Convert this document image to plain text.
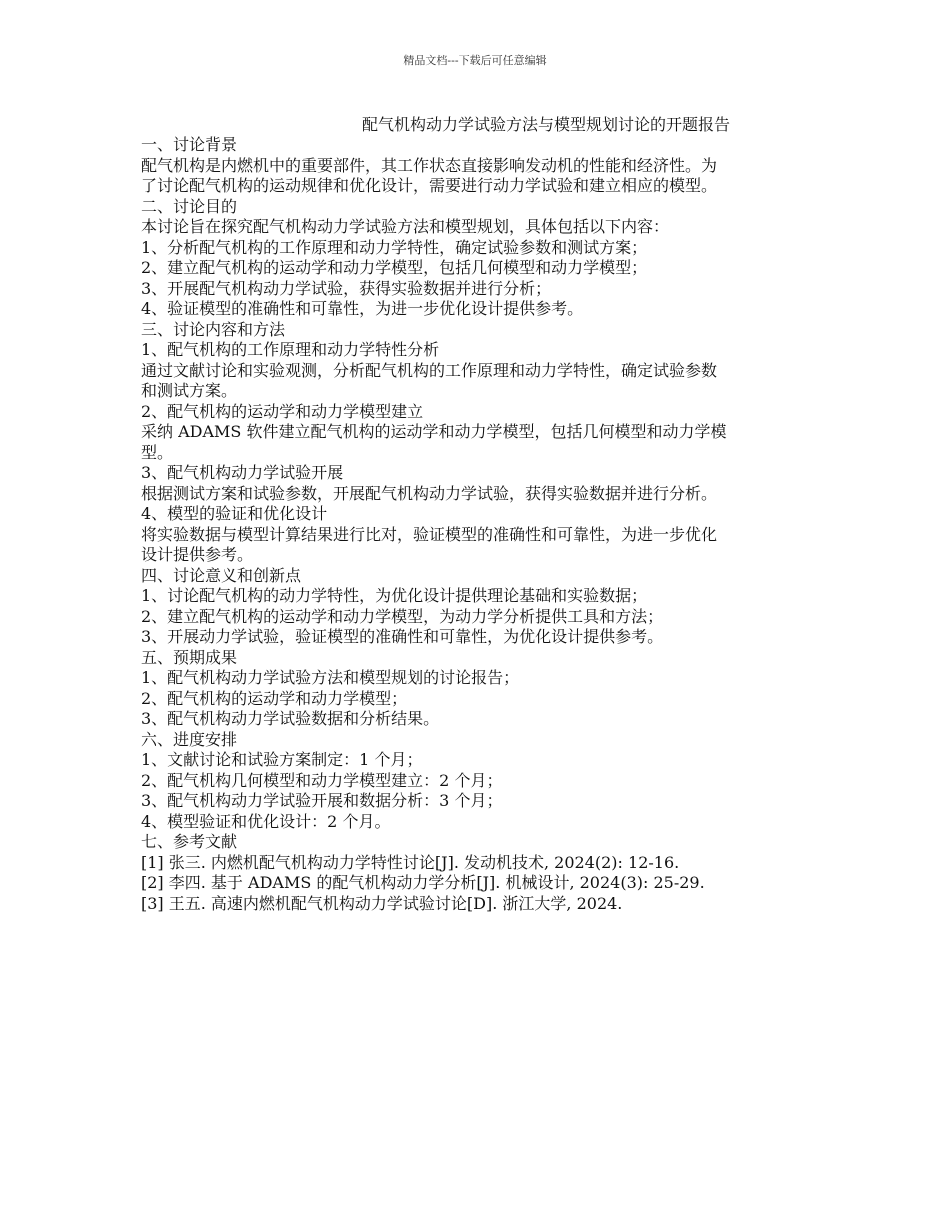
精品文档---下载后可任意编辑
配气机构动力学试验方法与模型规划讨论的开题报告
一、讨论背景
配气机构是内燃机中的重要部件，其工作状态直接影响发动机的性能和经济性。为
了讨论配气机构的运动规律和优化设计，需要进行动力学试验和建立相应的模型。
二、讨论目的
本讨论旨在探究配气机构动力学试验方法和模型规划，具体包括以下内容：
1、分析配气机构的工作原理和动力学特性，确定试验参数和测试方案；
2、建立配气机构的运动学和动力学模型，包括几何模型和动力学模型；
3、开展配气机构动力学试验，获得实验数据并进行分析；
4、验证模型的准确性和可靠性，为进一步优化设计提供参考。
三、讨论内容和方法
1、配气机构的工作原理和动力学特性分析
通过文献讨论和实验观测，分析配气机构的工作原理和动力学特性，确定试验参数
和测试方案。
2、配气机构的运动学和动力学模型建立
采纳 ADAMS 软件建立配气机构的运动学和动力学模型，包括几何模型和动力学模
型。
3、配气机构动力学试验开展
根据测试方案和试验参数，开展配气机构动力学试验，获得实验数据并进行分析。
4、模型的验证和优化设计
将实验数据与模型计算结果进行比对，验证模型的准确性和可靠性，为进一步优化
设计提供参考。
四、讨论意义和创新点
1、讨论配气机构的动力学特性，为优化设计提供理论基础和实验数据；
2、建立配气机构的运动学和动力学模型，为动力学分析提供工具和方法；
3、开展动力学试验，验证模型的准确性和可靠性，为优化设计提供参考。
五、预期成果
1、配气机构动力学试验方法和模型规划的讨论报告；
2、配气机构的运动学和动力学模型；
3、配气机构动力学试验数据和分析结果。
六、进度安排
1、文献讨论和试验方案制定：1 个月；
2、配气机构几何模型和动力学模型建立：2 个月；
3、配气机构动力学试验开展和数据分析：3 个月；
4、模型验证和优化设计：2 个月。
七、参考文献
[1] 张三. 内燃机配气机构动力学特性讨论[J]. 发动机技术, 2024(2): 12-16.
[2] 李四. 基于 ADAMS 的配气机构动力学分析[J]. 机械设计, 2024(3): 25-29.
[3] 王五. 高速内燃机配气机构动力学试验讨论[D]. 浙江大学, 2024.
